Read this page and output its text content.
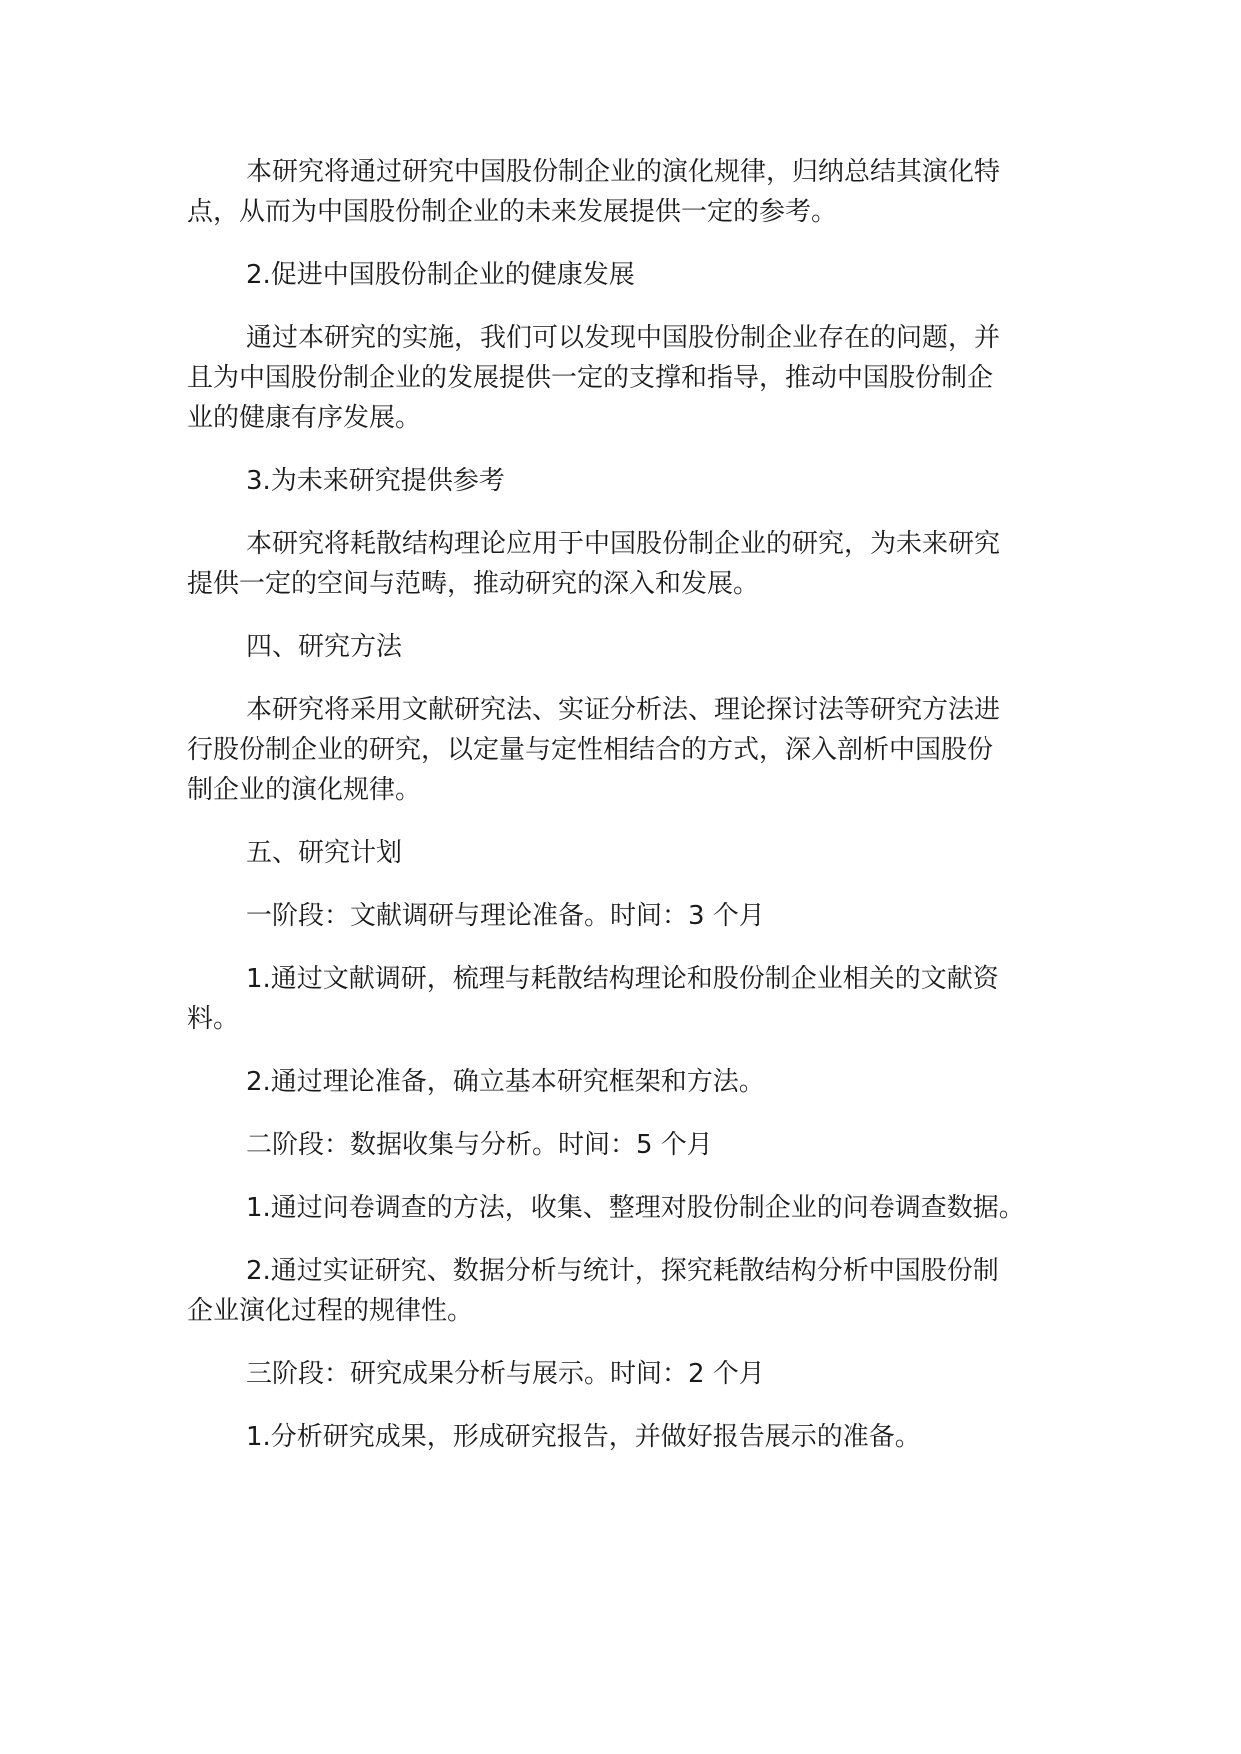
本研究将通过研究中国股份制企业的演化规律，归纳总结其演化特
点，从而为中国股份制企业的未来发展提供一定的参考。

2.促进中国股份制企业的健康发展

通过本研究的实施，我们可以发现中国股份制企业存在的问题，并
且为中国股份制企业的发展提供一定的支撑和指导，推动中国股份制企
业的健康有序发展。

3.为未来研究提供参考

本研究将耗散结构理论应用于中国股份制企业的研究，为未来研究
提供一定的空间与范畴，推动研究的深入和发展。

四、研究方法

本研究将采用文献研究法、实证分析法、理论探讨法等研究方法进
行股份制企业的研究，以定量与定性相结合的方式，深入剖析中国股份
制企业的演化规律。

五、研究计划

一阶段：文献调研与理论准备。时间：3 个月

1.通过文献调研，梳理与耗散结构理论和股份制企业相关的文献资
料。

2.通过理论准备，确立基本研究框架和方法。

二阶段：数据收集与分析。时间：5 个月

1.通过问卷调查的方法，收集、整理对股份制企业的问卷调查数据。

2.通过实证研究、数据分析与统计，探究耗散结构分析中国股份制
企业演化过程的规律性。

三阶段：研究成果分析与展示。时间：2 个月

1.分析研究成果，形成研究报告，并做好报告展示的准备。
